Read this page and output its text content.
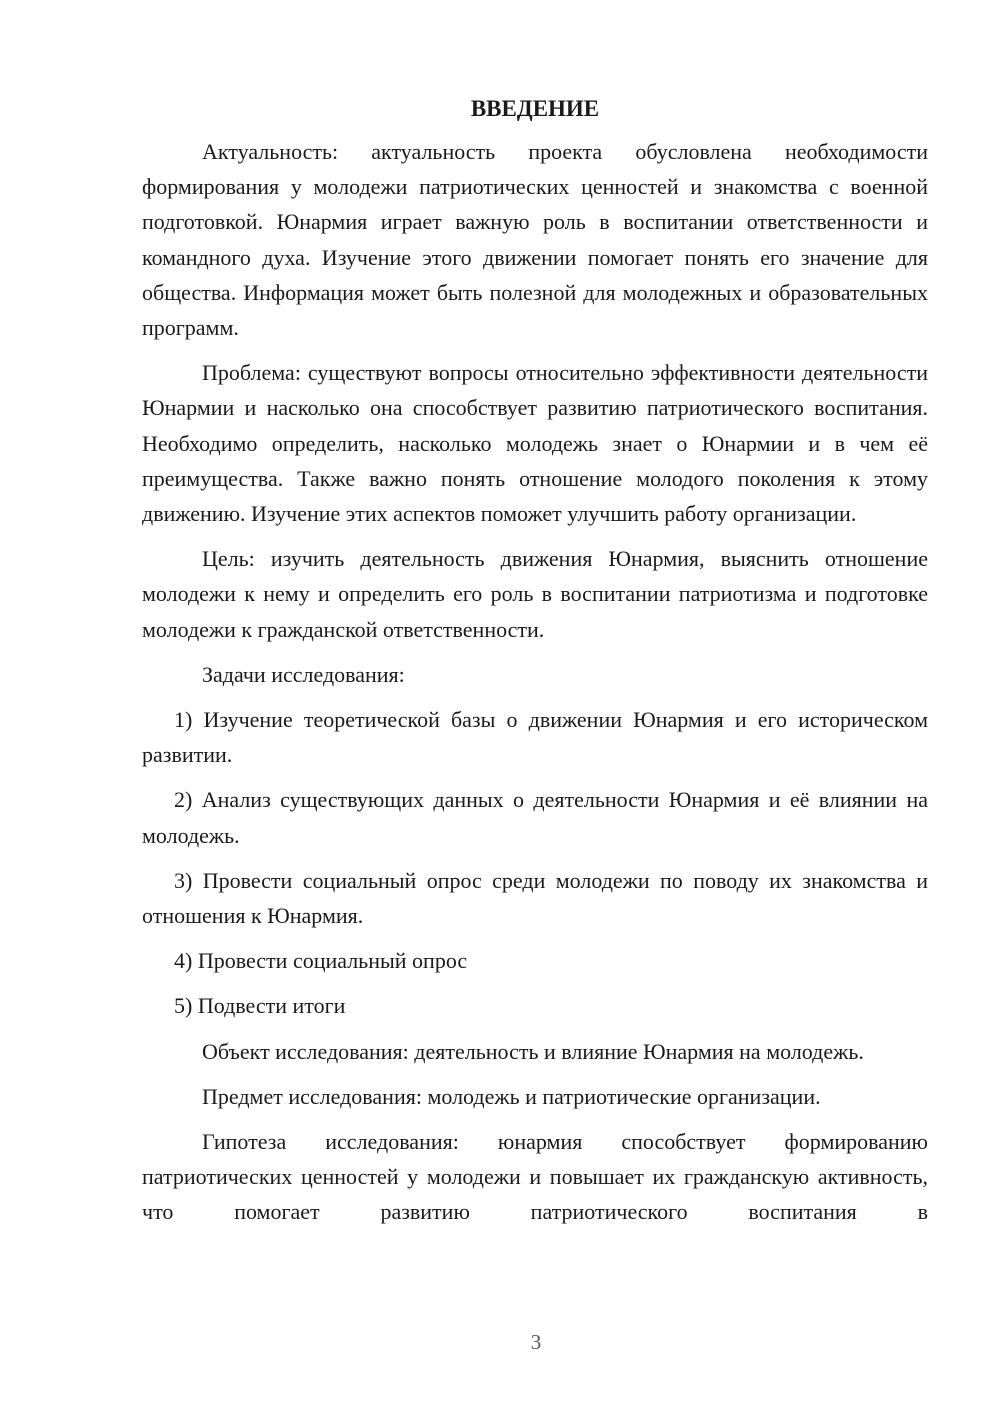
ВВЕДЕНИЕ

Актуальность: актуальность проекта обусловлена необходимости формирования у молодежи патриотических ценностей и знакомства с военной подготовкой. Юнармия играет важную роль в воспитании ответственности и командного духа. Изучение этого движении помогает понять его значение для общества. Информация может быть полезной для молодежных и образовательных программ.

Проблема: существуют вопросы относительно эффективности деятельности Юнармии и насколько она способствует развитию патриотического воспитания. Необходимо определить, насколько молодежь знает о Юнармии и в чем её преимущества. Также важно понять отношение молодого поколения к этому движению. Изучение этих аспектов поможет улучшить работу организации.

Цель: изучить деятельность движения Юнармия, выяснить отношение молодежи к нему и определить его роль в воспитании патриотизма и подготовке молодежи к гражданской ответственности.

Задачи исследования:

1) Изучение теоретической базы о движении Юнармия и его историческом развитии.

2) Анализ существующих данных о деятельности Юнармия и её влиянии на молодежь.

3) Провести социальный опрос среди молодежи по поводу их знакомства и отношения к Юнармия.

4) Провести социальный опрос

5) Подвести итоги

Объект исследования: деятельность и влияние Юнармия на молодежь.

Предмет исследования: молодежь и патриотические организации.

Гипотеза исследования: юнармия способствует формированию патриотических ценностей у молодежи и повышает их гражданскую активность, что помогает развитию патриотического воспитания в

3
